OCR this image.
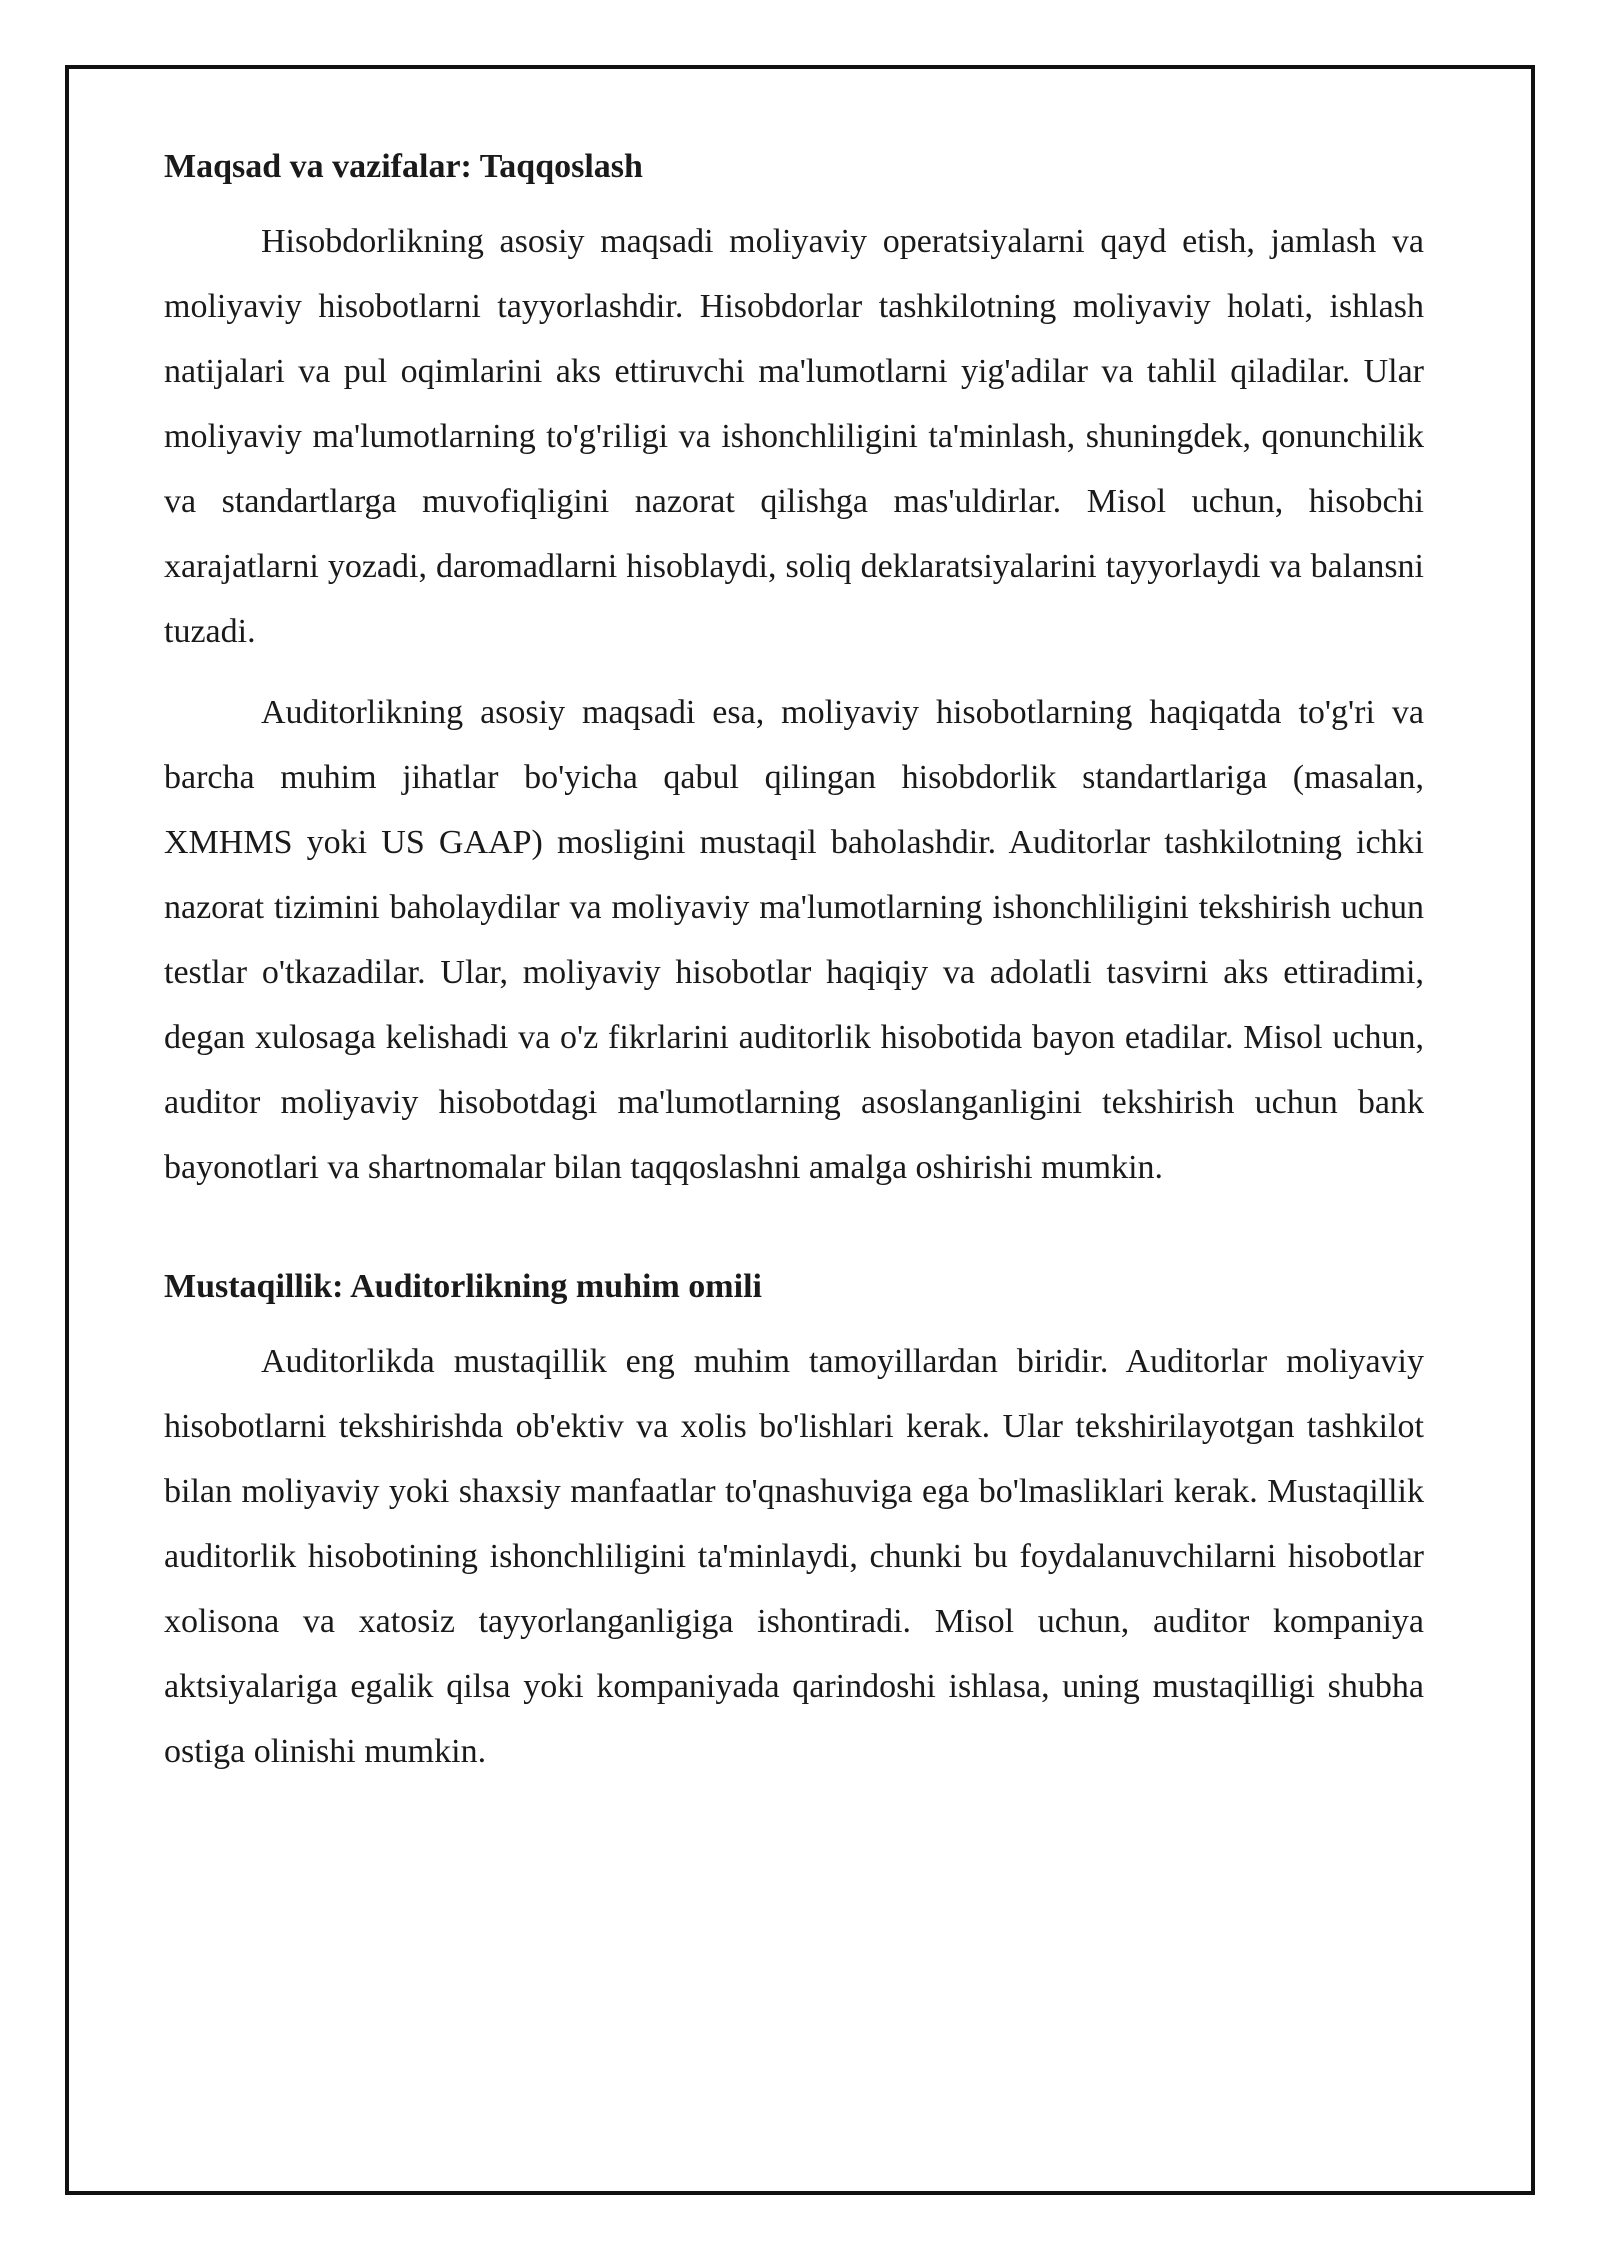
Maqsad va vazifalar: Taqqoslash

Hisobdorlikning asosiy maqsadi moliyaviy operatsiyalarni qayd etish, jamlash va moliyaviy hisobotlarni tayyorlashdir. Hisobdorlar tashkilotning moliyaviy holati, ishlash natijalari va pul oqimlarini aks ettiruvchi ma'lumotlarni yig'adilar va tahlil qiladilar. Ular moliyaviy ma'lumotlarning to'g'riligi va ishonchliligini ta'minlash, shuningdek, qonunchilik va standartlarga muvofiqligini nazorat qilishga mas'uldirlar. Misol uchun, hisobchi xarajatlarni yozadi, daromadlarni hisoblaydi, soliq deklaratsiyalarini tayyorlaydi va balansni tuzadi.

Auditorlikning asosiy maqsadi esa, moliyaviy hisobotlarning haqiqatda to'g'ri va barcha muhim jihatlar bo'yicha qabul qilingan hisobdorlik standartlariga (masalan, XMHMS yoki US GAAP) mosligini mustaqil baholashdir. Auditorlar tashkilotning ichki nazorat tizimini baholaydilar va moliyaviy ma'lumotlarning ishonchliligini tekshirish uchun testlar o'tkazadilar. Ular, moliyaviy hisobotlar haqiqiy va adolatli tasvirni aks ettiradimi, degan xulosaga kelishadi va o'z fikrlarini auditorlik hisobotida bayon etadilar. Misol uchun, auditor moliyaviy hisobotdagi ma'lumotlarning asoslanganligini tekshirish uchun bank bayonotlari va shartnomalar bilan taqqoslashni amalga oshirishi mumkin.

Mustaqillik: Auditorlikning muhim omili

Auditorlikda mustaqillik eng muhim tamoyillardan biridir. Auditorlar moliyaviy hisobotlarni tekshirishda ob'ektiv va xolis bo'lishlari kerak. Ular tekshirilayotgan tashkilot bilan moliyaviy yoki shaxsiy manfaatlar to'qnashuviga ega bo'lmasliklari kerak. Mustaqillik auditorlik hisobotining ishonchliligini ta'minlaydi, chunki bu foydalanuvchilarni hisobotlar xolisona va xatosiz tayyorlanganligiga ishontiradi. Misol uchun, auditor kompaniya aktsiyalariga egalik qilsa yoki kompaniyada qarindoshi ishlasa, uning mustaqilligi shubha ostiga olinishi mumkin.
